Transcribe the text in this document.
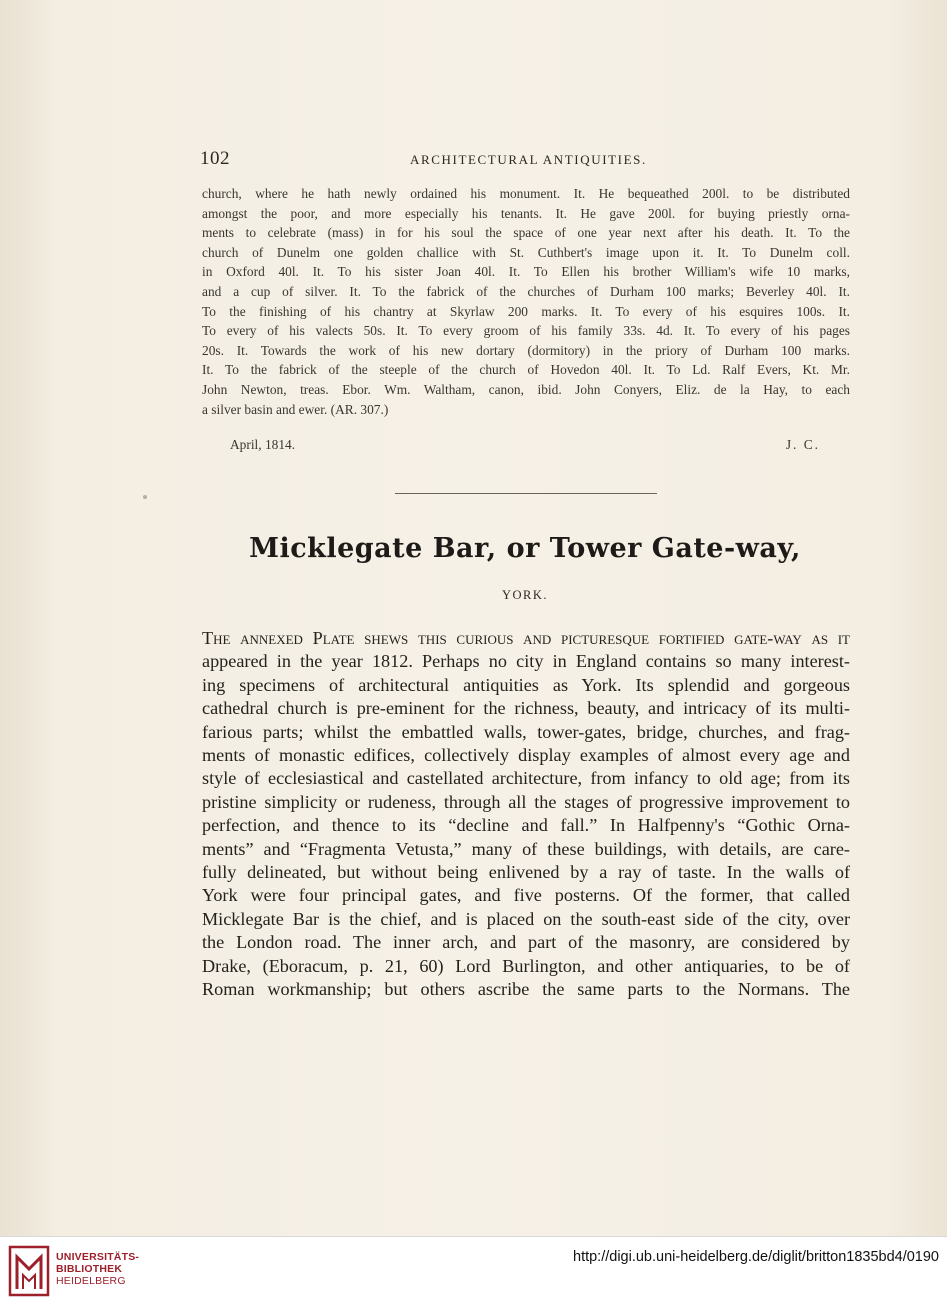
102	ARCHITECTURAL ANTIQUITIES.

church, where he hath newly ordained his monument. It. He bequeathed 200l. to be distributed

amongst the poor, and more especially his tenants. It. He gave 200l. for buying priestly orna-

ments to celebrate (mass) in for his soul the space of one year next after his death. It. To the

church of Dunelm one golden challice with St. Cuthbert's image upon it. It. To Dunelm coll.

in Oxford 40l. It. To his sister Joan 40l. It. To Ellen his brother William's wife 10 marks,

and a cup of silver. It. To the fabrick of the churches of Durham 100 marks; Beverley 40l. It.

To the finishing of his chantry at Skyrlaw 200 marks. It. To every of his esquires 100s. It.

To every of his valects 50s. It. To every groom of his family 33s. 4d. It. To every of his pages

20s. It. Towards the work of his new dortary (dormitory) in the priory of Durham 100 marks.

It. To the fabrick of the steeple of the church of Hovedon 40l. It. To Ld. Ralf Evers, Kt. Mr.

John Newton, treas. Ebor. Wm. Waltham, canon, ibid. John Conyers, Eliz. de la Hay, to each

a silver basin and ewer. (AR. 307.)

April, 1814.	J. C.
Micklegate Bar, or Tower Gate-way,
YORK.

The annexed Plate shews this curious and picturesque fortified gate-way as it

appeared in the year 1812. Perhaps no city in England contains so many interest-

ing specimens of architectural antiquities as York. Its splendid and gorgeous

cathedral church is pre-eminent for the richness, beauty, and intricacy of its multi-

farious parts; whilst the embattled walls, tower-gates, bridge, churches, and frag-

ments of monastic edifices, collectively display examples of almost every age and

style of ecclesiastical and castellated architecture, from infancy to old age; from its

pristine simplicity or rudeness, through all the stages of progressive improvement to

perfection, and thence to its “decline and fall.” In Halfpenny's “Gothic Orna-

ments” and “Fragmenta Vetusta,” many of these buildings, with details, are care-

fully delineated, but without being enlivened by a ray of taste. In the walls of

York were four principal gates, and five posterns. Of the former, that called

Micklegate Bar is the chief, and is placed on the south-east side of the city, over

the London road. The inner arch, and part of the masonry, are considered by

Drake, (Eboracum, p. 21, 60) Lord Burlington, and other antiquaries, to be of

Roman workmanship; but others ascribe the same parts to the Normans. The

UNIVERSITÄTS-
BIBLIOTHEK
HEIDELBERG
http://digi.ub.uni-heidelberg.de/diglit/britton1835bd4/0190
